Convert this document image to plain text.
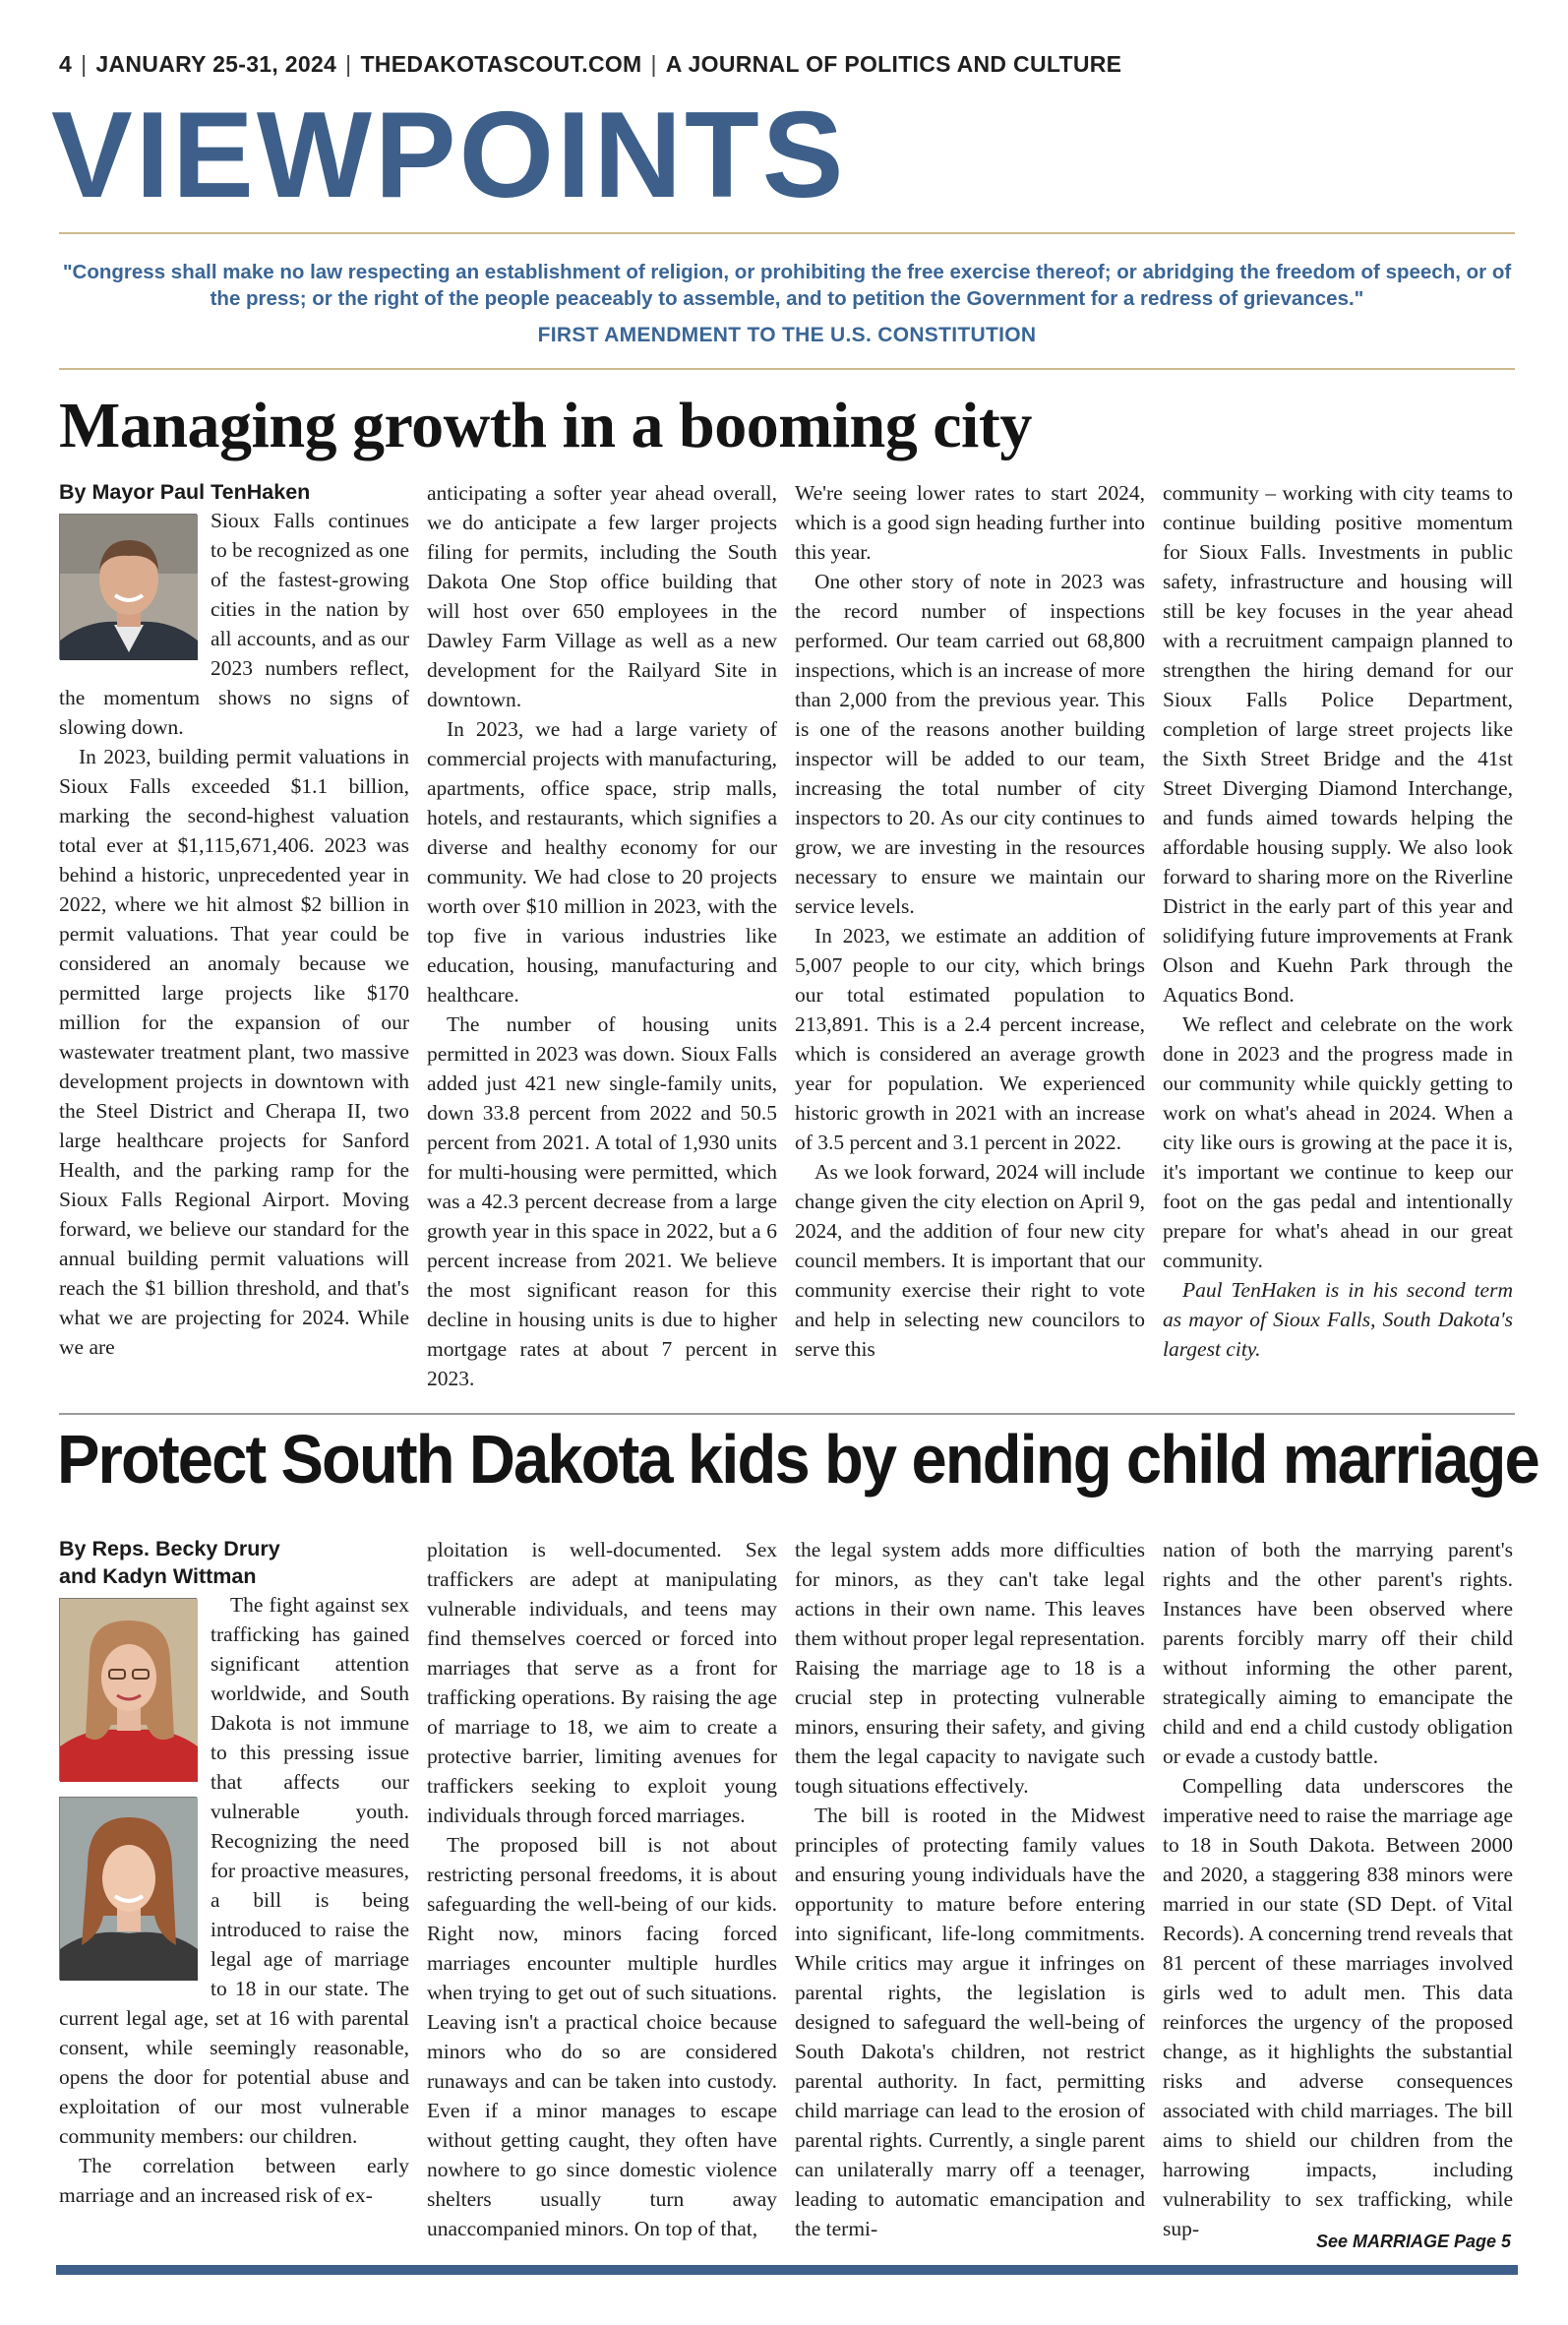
4 | JANUARY 25-31, 2024 | THEDAKOTASCOUT.COM | A JOURNAL OF POLITICS AND CULTURE
VIEWPOINTS
"Congress shall make no law respecting an establishment of religion, or prohibiting the free exercise thereof; or abridging the freedom of speech, or of the press; or the right of the people peaceably to assemble, and to petition the Government for a redress of grievances."
FIRST AMENDMENT TO THE U.S. CONSTITUTION
Managing growth in a booming city
By Mayor Paul TenHaken

Sioux Falls continues to be recognized as one of the fastest-growing cities in the nation by all accounts, and as our 2023 numbers reflect, the momentum shows no signs of slowing down.

In 2023, building permit valuations in Sioux Falls exceeded $1.1 billion, marking the second-highest valuation total ever at $1,115,671,406. 2023 was behind a historic, unprecedented year in 2022, where we hit almost $2 billion in permit valuations. That year could be considered an anomaly because we permitted large projects like $170 million for the expansion of our wastewater treatment plant, two massive development projects in downtown with the Steel District and Cherapa II, two large healthcare projects for Sanford Health, and the parking ramp for the Sioux Falls Regional Airport. Moving forward, we believe our standard for the annual building permit valuations will reach the $1 billion threshold, and that's what we are projecting for 2024. While we are

anticipating a softer year ahead overall, we do anticipate a few larger projects filing for permits, including the South Dakota One Stop office building that will host over 650 employees in the Dawley Farm Village as well as a new development for the Railyard Site in downtown.

In 2023, we had a large variety of commercial projects with manufacturing, apartments, office space, strip malls, hotels, and restaurants, which signifies a diverse and healthy economy for our community. We had close to 20 projects worth over $10 million in 2023, with the top five in various industries like education, housing, manufacturing and healthcare.

The number of housing units permitted in 2023 was down. Sioux Falls added just 421 new single-family units, down 33.8 percent from 2022 and 50.5 percent from 2021. A total of 1,930 units for multi-housing were permitted, which was a 42.3 percent decrease from a large growth year in this space in 2022, but a 6 percent increase from 2021. We believe the most significant reason for this decline in housing units is due to higher mortgage rates at about 7 percent in 2023.

We're seeing lower rates to start 2024, which is a good sign heading further into this year.

One other story of note in 2023 was the record number of inspections performed. Our team carried out 68,800 inspections, which is an increase of more than 2,000 from the previous year. This is one of the reasons another building inspector will be added to our team, increasing the total number of city inspectors to 20. As our city continues to grow, we are investing in the resources necessary to ensure we maintain our service levels.

In 2023, we estimate an addition of 5,007 people to our city, which brings our total estimated population to 213,891. This is a 2.4 percent increase, which is considered an average growth year for population. We experienced historic growth in 2021 with an increase of 3.5 percent and 3.1 percent in 2022.

As we look forward, 2024 will include change given the city election on April 9, 2024, and the addition of four new city council members. It is important that our community exercise their right to vote and help in selecting new councilors to serve this

community – working with city teams to continue building positive momentum for Sioux Falls. Investments in public safety, infrastructure and housing will still be key focuses in the year ahead with a recruitment campaign planned to strengthen the hiring demand for our Sioux Falls Police Department, completion of large street projects like the Sixth Street Bridge and the 41st Street Diverging Diamond Interchange, and funds aimed towards helping the affordable housing supply. We also look forward to sharing more on the Riverline District in the early part of this year and solidifying future improvements at Frank Olson and Kuehn Park through the Aquatics Bond.

We reflect and celebrate on the work done in 2023 and the progress made in our community while quickly getting to work on what's ahead in 2024. When a city like ours is growing at the pace it is, it's important we continue to keep our foot on the gas pedal and intentionally prepare for what's ahead in our great community.

Paul TenHaken is in his second term as mayor of Sioux Falls, South Dakota's largest city.

Protect South Dakota kids by ending child marriage
By Reps. Becky Drury
and Kadyn Wittman

The fight against sex trafficking has gained significant attention worldwide, and South Dakota is not immune to this pressing issue that affects our vulnerable youth. Recognizing the need for proactive measures, a bill is being introduced to raise the legal age of marriage to 18 in our state. The current legal age, set at 16 with parental consent, while seemingly reasonable, opens the door for potential abuse and exploitation of our most vulnerable community members: our children.

The correlation between early marriage and an increased risk of ex-

ploitation is well-documented. Sex traffickers are adept at manipulating vulnerable individuals, and teens may find themselves coerced or forced into marriages that serve as a front for trafficking operations. By raising the age of marriage to 18, we aim to create a protective barrier, limiting avenues for traffickers seeking to exploit young individuals through forced marriages.

The proposed bill is not about restricting personal freedoms, it is about safeguarding the well-being of our kids. Right now, minors facing forced marriages encounter multiple hurdles when trying to get out of such situations. Leaving isn't a practical choice because minors who do so are considered runaways and can be taken into custody. Even if a minor manages to escape without getting caught, they often have nowhere to go since domestic violence shelters usually turn away unaccompanied minors. On top of that,

the legal system adds more difficulties for minors, as they can't take legal actions in their own name. This leaves them without proper legal representation. Raising the marriage age to 18 is a crucial step in protecting vulnerable minors, ensuring their safety, and giving them the legal capacity to navigate such tough situations effectively.

The bill is rooted in the Midwest principles of protecting family values and ensuring young individuals have the opportunity to mature before entering into significant, life-long commitments. While critics may argue it infringes on parental rights, the legislation is designed to safeguard the well-being of South Dakota's children, not restrict parental authority. In fact, permitting child marriage can lead to the erosion of parental rights. Currently, a single parent can unilaterally marry off a teenager, leading to automatic emancipation and the termi-

nation of both the marrying parent's rights and the other parent's rights. Instances have been observed where parents forcibly marry off their child without informing the other parent, strategically aiming to emancipate the child and end a child custody obligation or evade a custody battle.

Compelling data underscores the imperative need to raise the marriage age to 18 in South Dakota. Between 2000 and 2020, a staggering 838 minors were married in our state (SD Dept. of Vital Records). A concerning trend reveals that 81 percent of these marriages involved girls wed to adult men. This data reinforces the urgency of the proposed change, as it highlights the substantial risks and adverse consequences associated with child marriages. The bill aims to shield our children from the harrowing impacts, including vulnerability to sex trafficking, while sup-

See MARRIAGE Page 5
